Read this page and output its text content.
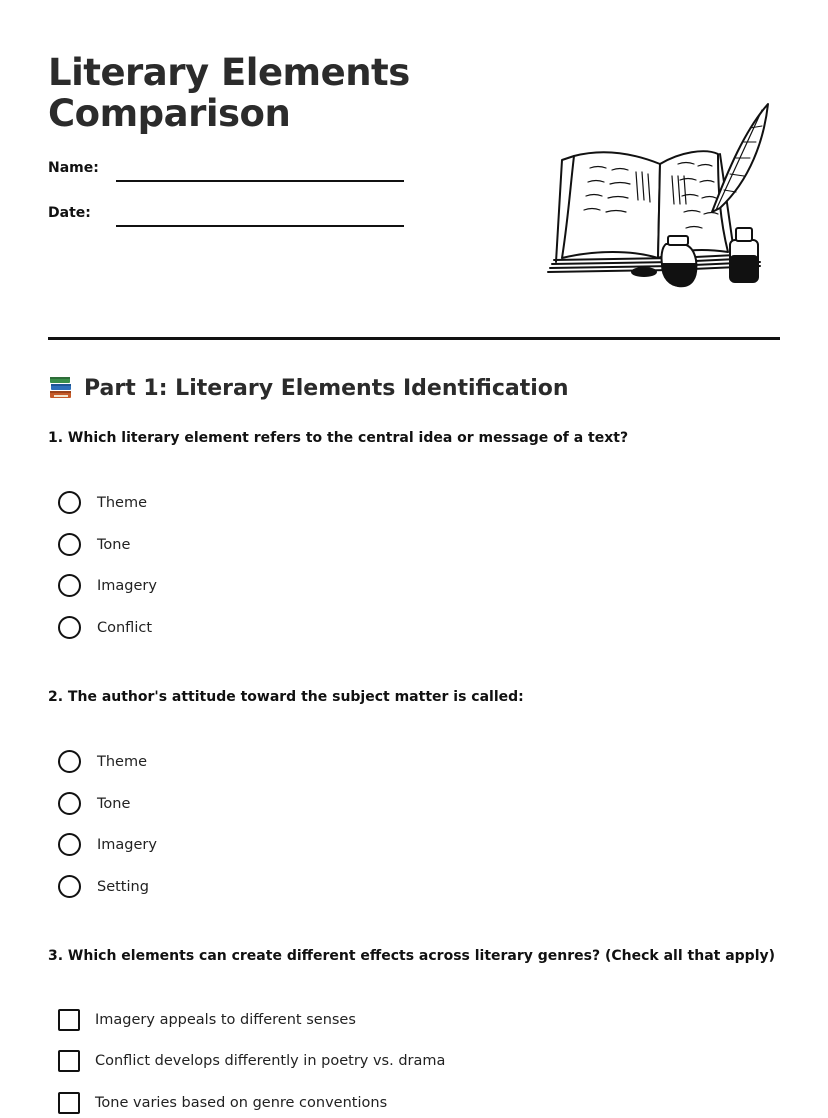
Literary Elements
Comparison
Name:
Date:
Part 1: Literary Elements Identification
1. Which literary element refers to the central idea or message of a text?
Theme
Tone
Imagery
Conflict
2. The author's attitude toward the subject matter is called:
Theme
Tone
Imagery
Setting
3. Which elements can create different effects across literary genres? (Check all that apply)
Imagery appeals to different senses
Conflict develops differently in poetry vs. drama
Tone varies based on genre conventions
